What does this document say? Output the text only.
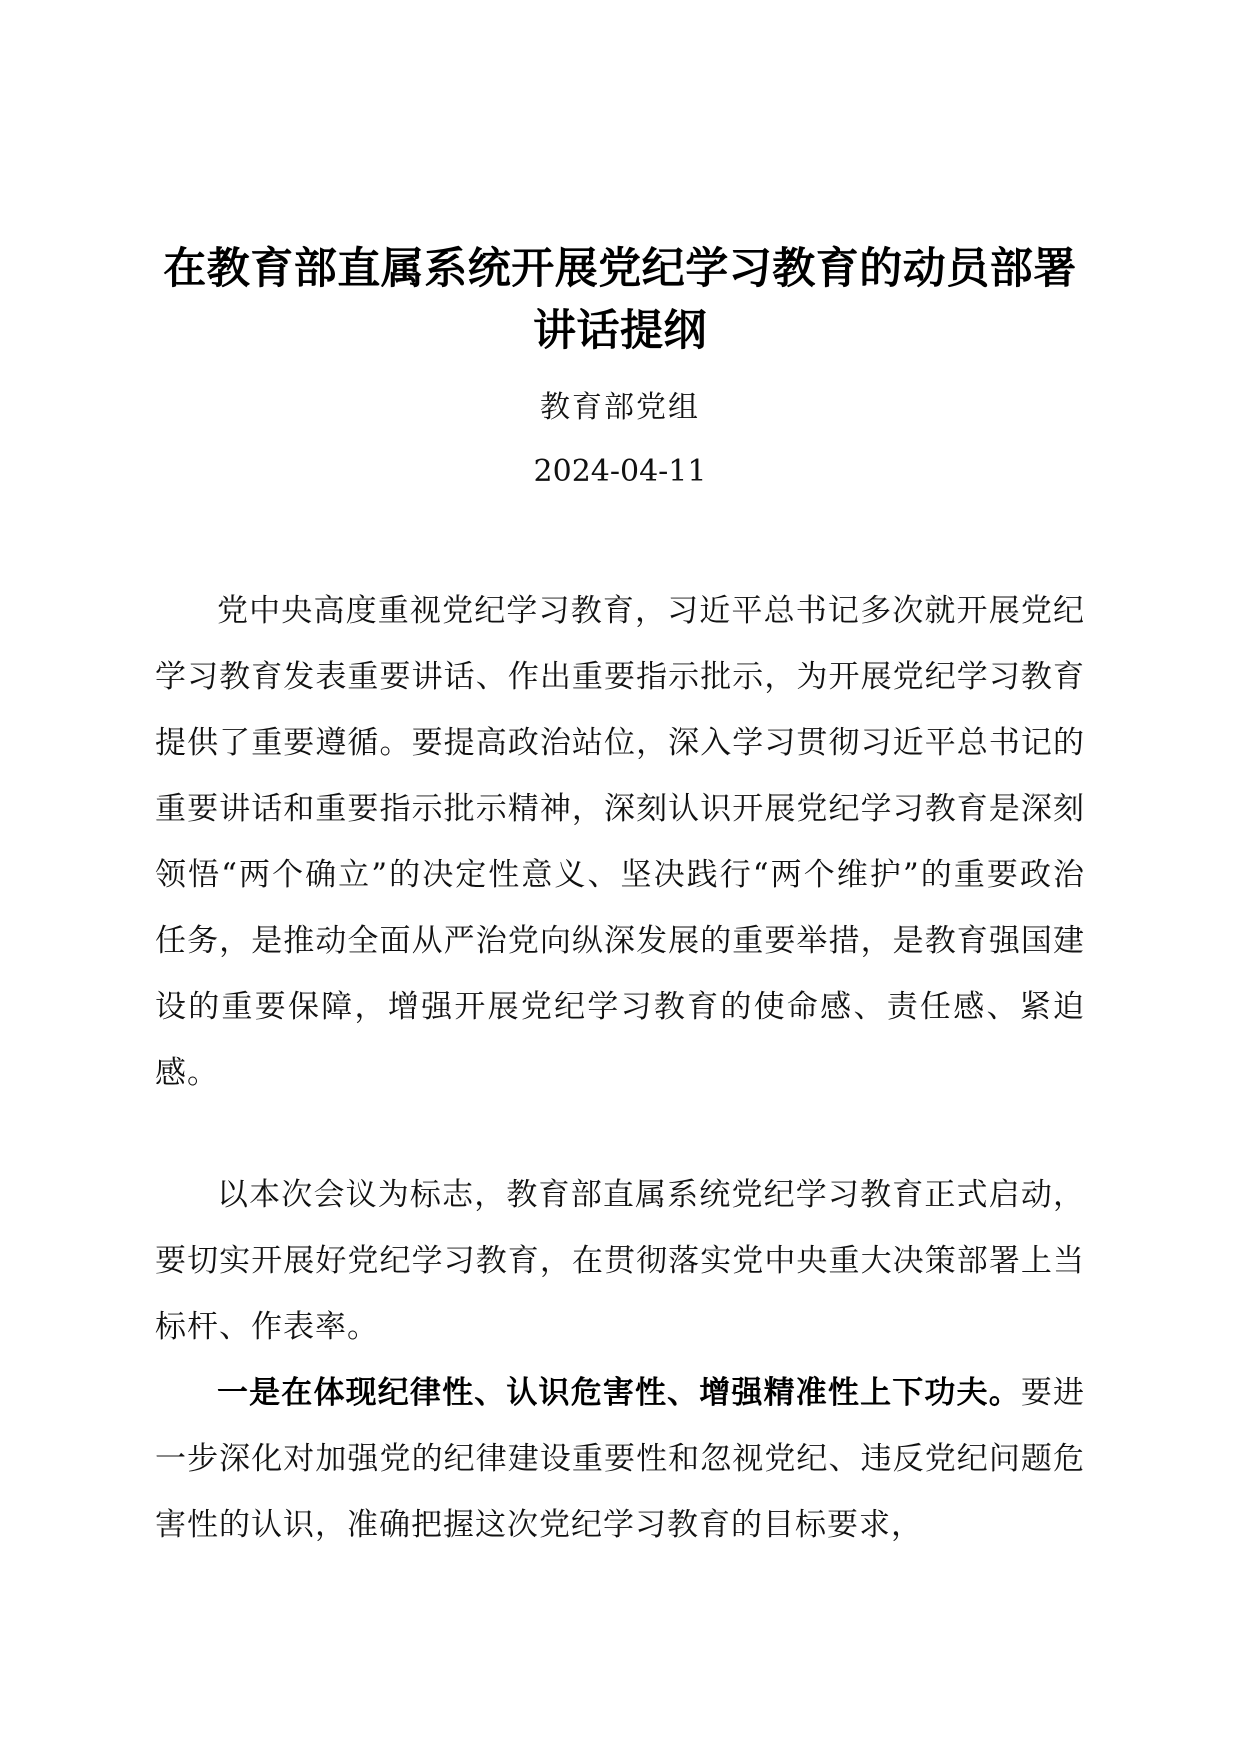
在教育部直属系统开展党纪学习教育的动员部署讲话提纲
教育部党组
2024-04-11

党中央高度重视党纪学习教育，习近平总书记多次就开展党纪学习教育发表重要讲话、作出重要指示批示，为开展党纪学习教育提供了重要遵循。要提高政治站位，深入学习贯彻习近平总书记的重要讲话和重要指示批示精神，深刻认识开展党纪学习教育是深刻领悟“两个确立”的决定性意义、坚决践行“两个维护”的重要政治任务，是推动全面从严治党向纵深发展的重要举措，是教育强国建设的重要保障，增强开展党纪学习教育的使命感、责任感、紧迫感。

以本次会议为标志，教育部直属系统党纪学习教育正式启动，要切实开展好党纪学习教育，在贯彻落实党中央重大决策部署上当标杆、作表率。

一是在体现纪律性、认识危害性、增强精准性上下功夫。要进一步深化对加强党的纪律建设重要性和忽视党纪、违反党纪问题危害性的认识，准确把握这次党纪学习教育的目标要求，
